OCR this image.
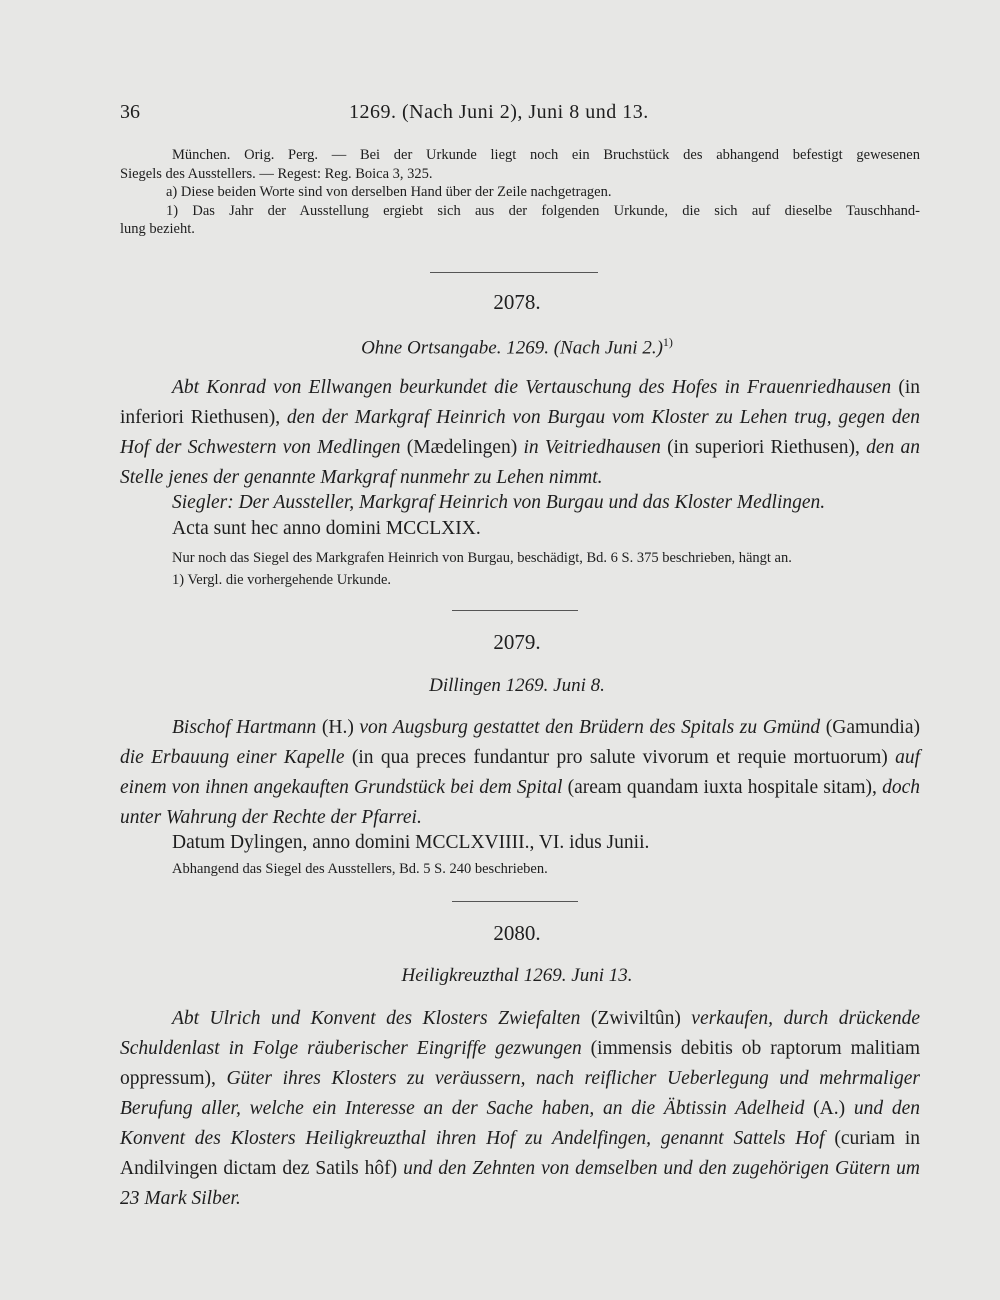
36	1269. (Nach Juni 2), Juni 8 und 13.
München. Orig. Perg. — Bei der Urkunde liegt noch ein Bruchstück des abhangend befestigt gewesenen
Siegels des Ausstellers. — Regest: Reg. Boica 3, 325.
a) Diese beiden Worte sind von derselben Hand über der Zeile nachgetragen.
1) Das Jahr der Ausstellung ergiebt sich aus der folgenden Urkunde, die sich auf dieselbe Tauschhand-
lung bezieht.
2078.
Ohne Ortsangabe. 1269. (Nach Juni 2.)$^{1)}$

Abt Konrad von Ellwangen beurkundet die Vertauschung des Hofes in Frauenriedhausen (in inferiori Riethusen), den der Markgraf Heinrich von Burgau vom Kloster zu Lehen trug, gegen den Hof der Schwestern von Medlingen (Mædelingen) in Veitriedhausen (in superiori Riethusen), den an Stelle jenes der genannte Markgraf nunmehr zu Lehen nimmt.

Siegler: Der Aussteller, Markgraf Heinrich von Burgau und das Kloster Medlingen.
Acta sunt hec anno domini MCCLXIX.
Nur noch das Siegel des Markgrafen Heinrich von Burgau, beschädigt, Bd. 6 S. 375 beschrieben, hängt an.
1) Vergl. die vorhergehende Urkunde.
2079.
Dillingen 1269. Juni 8.

Bischof Hartmann (H.) von Augsburg gestattet den Brüdern des Spitals zu Gmünd (Gamundia) die Erbauung einer Kapelle (in qua preces fundantur pro salute vivorum et requie mortuorum) auf einem von ihnen angekauften Grundstück bei dem Spital (aream quandam iuxta hospitale sitam), doch unter Wahrung der Rechte der Pfarrei.

Datum Dylingen, anno domini MCCLXVIIII., VI. idus Junii.
Abhangend das Siegel des Ausstellers, Bd. 5 S. 240 beschrieben.
2080.
Heiligkreuzthal 1269. Juni 13.

Abt Ulrich und Konvent des Klosters Zwiefalten (Zwiviltûn) verkaufen, durch drückende Schuldenlast in Folge räuberischer Eingriffe gezwungen (immensis debitis ob raptorum malitiam oppressum), Güter ihres Klosters zu veräussern, nach reiflicher Ueberlegung und mehrmaliger Berufung aller, welche ein Interesse an der Sache haben, an die Äbtissin Adelheid (A.) und den Konvent des Klosters Heiligkreuzthal ihren Hof zu Andelfingen, genannt Sattels Hof (curiam in Andilvingen dictam dez Satils hôf) und den Zehnten von demselben und den zugehörigen Gütern um 23 Mark Silber.
